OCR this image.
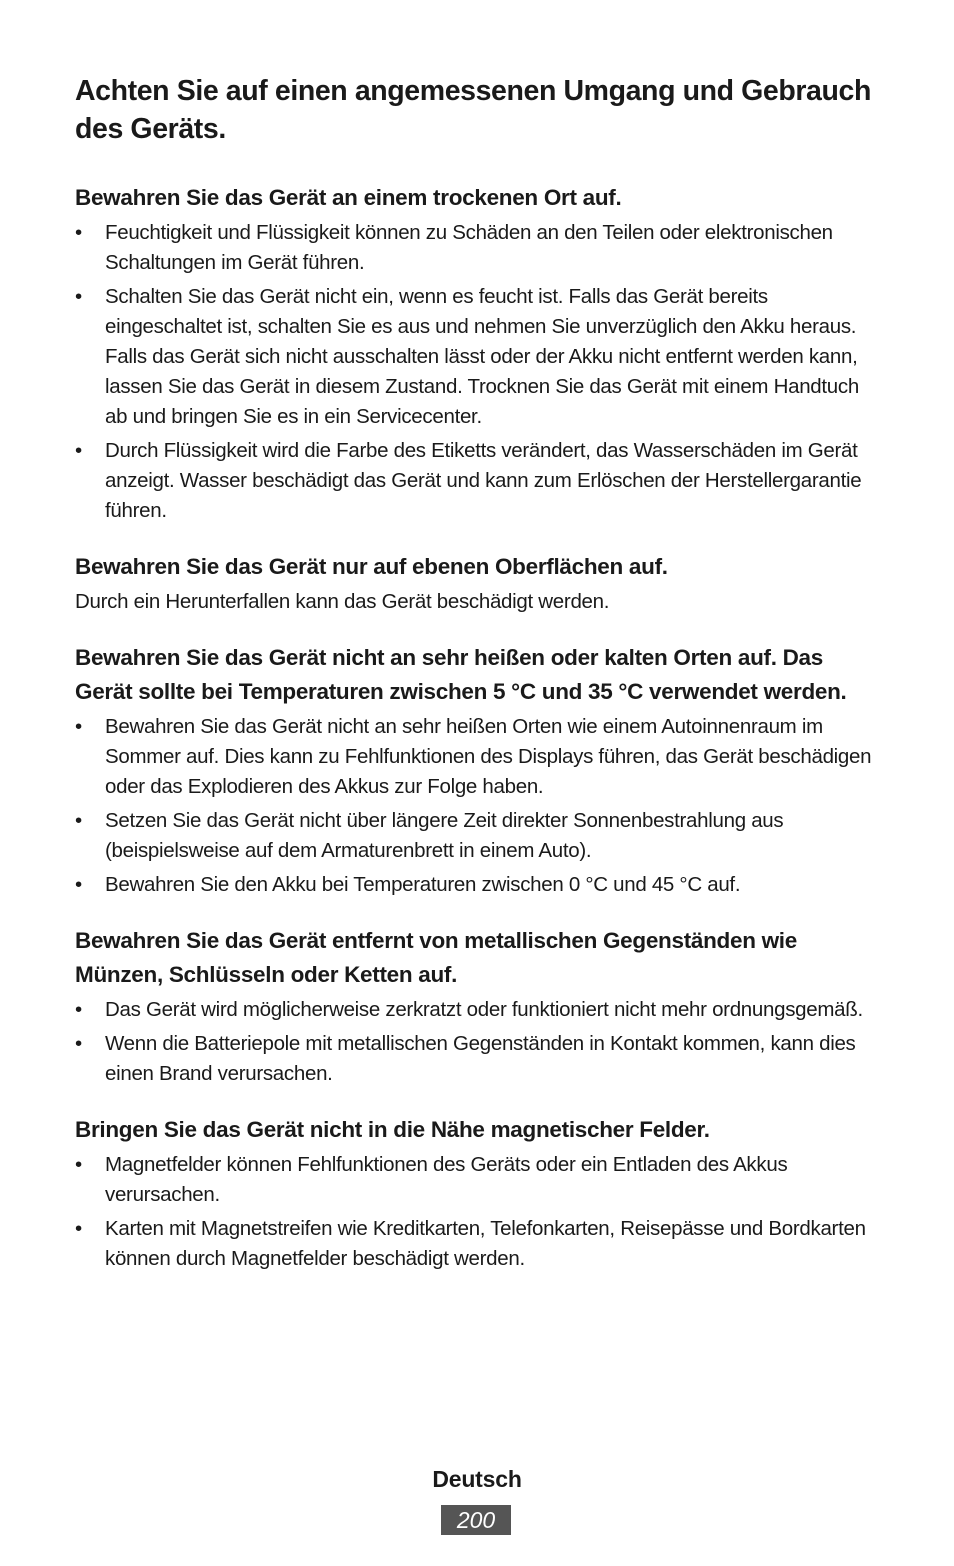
Achten Sie auf einen angemessenen Umgang und Gebrauch des Geräts.
Bewahren Sie das Gerät an einem trockenen Ort auf.
•	Feuchtigkeit und Flüssigkeit können zu Schäden an den Teilen oder elektronischen Schaltungen im Gerät führen.
•	Schalten Sie das Gerät nicht ein, wenn es feucht ist. Falls das Gerät bereits eingeschaltet ist, schalten Sie es aus und nehmen Sie unverzüglich den Akku heraus. Falls das Gerät sich nicht ausschalten lässt oder der Akku nicht entfernt werden kann, lassen Sie das Gerät in diesem Zustand. Trocknen Sie das Gerät mit einem Handtuch ab und bringen Sie es in ein Servicecenter.
•	Durch Flüssigkeit wird die Farbe des Etiketts verändert, das Wasserschäden im Gerät anzeigt. Wasser beschädigt das Gerät und kann zum Erlöschen der Herstellergarantie führen.
Bewahren Sie das Gerät nur auf ebenen Oberflächen auf.

Durch ein Herunterfallen kann das Gerät beschädigt werden.

Bewahren Sie das Gerät nicht an sehr heißen oder kalten Orten auf. Das Gerät sollte bei Temperaturen zwischen 5 °C und 35 °C verwendet werden.
•	Bewahren Sie das Gerät nicht an sehr heißen Orten wie einem Autoinnenraum im Sommer auf. Dies kann zu Fehlfunktionen des Displays führen, das Gerät beschädigen oder das Explodieren des Akkus zur Folge haben.
•	Setzen Sie das Gerät nicht über längere Zeit direkter Sonnenbestrahlung aus (beispielsweise auf dem Armaturenbrett in einem Auto).
•	Bewahren Sie den Akku bei Temperaturen zwischen 0 °C und 45 °C auf.
Bewahren Sie das Gerät entfernt von metallischen Gegenständen wie Münzen, Schlüsseln oder Ketten auf.
•	Das Gerät wird möglicherweise zerkratzt oder funktioniert nicht mehr ordnungsgemäß.
•	Wenn die Batteriepole mit metallischen Gegenständen in Kontakt kommen, kann dies einen Brand verursachen.
Bringen Sie das Gerät nicht in die Nähe magnetischer Felder.
•	Magnetfelder können Fehlfunktionen des Geräts oder ein Entladen des Akkus verursachen.
•	Karten mit Magnetstreifen wie Kreditkarten, Telefonkarten, Reisepässe und Bordkarten können durch Magnetfelder beschädigt werden.
Deutsch
200
